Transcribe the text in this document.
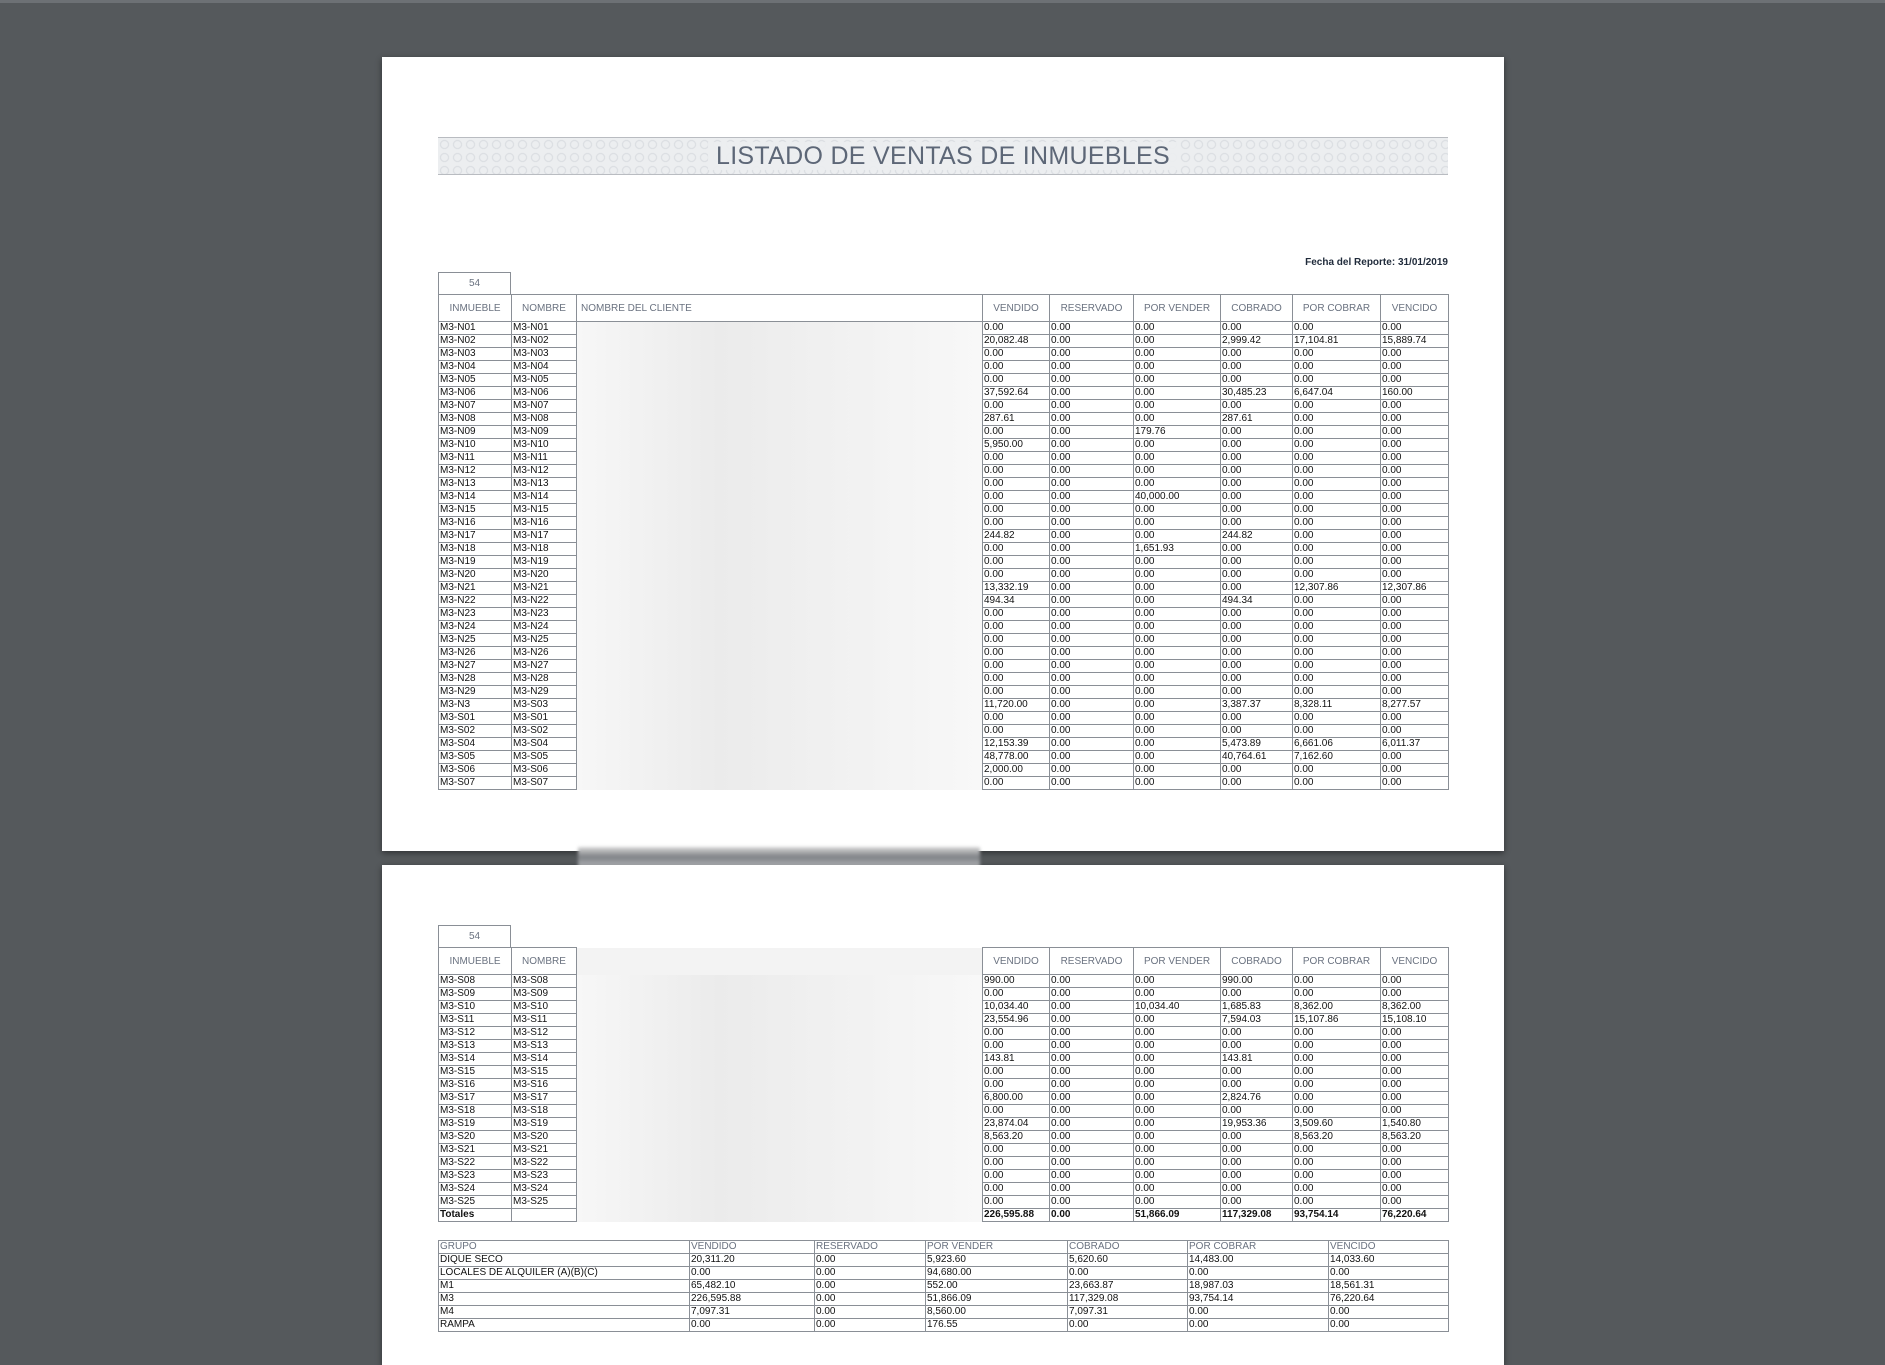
LISTADO DE VENTAS DE INMUEBLES
Fecha del Reporte: 31/01/2019
54
INMUEBLE	NOMBRE	NOMBRE DEL CLIENTE	VENDIDO	RESERVADO	POR VENDER	COBRADO	POR COBRAR	VENCIDO
M3-N01	M3-N01		0.00	0.00	0.00	0.00	0.00	0.00
M3-N02	M3-N02		20,082.48	0.00	0.00	2,999.42	17,104.81	15,889.74
M3-N03	M3-N03		0.00	0.00	0.00	0.00	0.00	0.00
M3-N04	M3-N04		0.00	0.00	0.00	0.00	0.00	0.00
M3-N05	M3-N05		0.00	0.00	0.00	0.00	0.00	0.00
M3-N06	M3-N06		37,592.64	0.00	0.00	30,485.23	6,647.04	160.00
M3-N07	M3-N07		0.00	0.00	0.00	0.00	0.00	0.00
M3-N08	M3-N08		287.61	0.00	0.00	287.61	0.00	0.00
M3-N09	M3-N09		0.00	0.00	179.76	0.00	0.00	0.00
M3-N10	M3-N10		5,950.00	0.00	0.00	0.00	0.00	0.00
M3-N11	M3-N11		0.00	0.00	0.00	0.00	0.00	0.00
M3-N12	M3-N12		0.00	0.00	0.00	0.00	0.00	0.00
M3-N13	M3-N13		0.00	0.00	0.00	0.00	0.00	0.00
M3-N14	M3-N14		0.00	0.00	40,000.00	0.00	0.00	0.00
M3-N15	M3-N15		0.00	0.00	0.00	0.00	0.00	0.00
M3-N16	M3-N16		0.00	0.00	0.00	0.00	0.00	0.00
M3-N17	M3-N17		244.82	0.00	0.00	244.82	0.00	0.00
M3-N18	M3-N18		0.00	0.00	1,651.93	0.00	0.00	0.00
M3-N19	M3-N19		0.00	0.00	0.00	0.00	0.00	0.00
M3-N20	M3-N20		0.00	0.00	0.00	0.00	0.00	0.00
M3-N21	M3-N21		13,332.19	0.00	0.00	0.00	12,307.86	12,307.86
M3-N22	M3-N22		494.34	0.00	0.00	494.34	0.00	0.00
M3-N23	M3-N23		0.00	0.00	0.00	0.00	0.00	0.00
M3-N24	M3-N24		0.00	0.00	0.00	0.00	0.00	0.00
M3-N25	M3-N25		0.00	0.00	0.00	0.00	0.00	0.00
M3-N26	M3-N26		0.00	0.00	0.00	0.00	0.00	0.00
M3-N27	M3-N27		0.00	0.00	0.00	0.00	0.00	0.00
M3-N28	M3-N28		0.00	0.00	0.00	0.00	0.00	0.00
M3-N29	M3-N29		0.00	0.00	0.00	0.00	0.00	0.00
M3-N3	M3-S03		11,720.00	0.00	0.00	3,387.37	8,328.11	8,277.57
M3-S01	M3-S01		0.00	0.00	0.00	0.00	0.00	0.00
M3-S02	M3-S02		0.00	0.00	0.00	0.00	0.00	0.00
M3-S04	M3-S04		12,153.39	0.00	0.00	5,473.89	6,661.06	6,011.37
M3-S05	M3-S05		48,778.00	0.00	0.00	40,764.61	7,162.60	0.00
M3-S06	M3-S06		2,000.00	0.00	0.00	0.00	0.00	0.00
M3-S07	M3-S07		0.00	0.00	0.00	0.00	0.00	0.00
54
INMUEBLE	NOMBRE		VENDIDO	RESERVADO	POR VENDER	COBRADO	POR COBRAR	VENCIDO
M3-S08	M3-S08		990.00	0.00	0.00	990.00	0.00	0.00
M3-S09	M3-S09		0.00	0.00	0.00	0.00	0.00	0.00
M3-S10	M3-S10		10,034.40	0.00	10,034.40	1,685.83	8,362.00	8,362.00
M3-S11	M3-S11		23,554.96	0.00	0.00	7,594.03	15,107.86	15,108.10
M3-S12	M3-S12		0.00	0.00	0.00	0.00	0.00	0.00
M3-S13	M3-S13		0.00	0.00	0.00	0.00	0.00	0.00
M3-S14	M3-S14		143.81	0.00	0.00	143.81	0.00	0.00
M3-S15	M3-S15		0.00	0.00	0.00	0.00	0.00	0.00
M3-S16	M3-S16		0.00	0.00	0.00	0.00	0.00	0.00
M3-S17	M3-S17		6,800.00	0.00	0.00	2,824.76	0.00	0.00
M3-S18	M3-S18		0.00	0.00	0.00	0.00	0.00	0.00
M3-S19	M3-S19		23,874.04	0.00	0.00	19,953.36	3,509.60	1,540.80
M3-S20	M3-S20		8,563.20	0.00	0.00	0.00	8,563.20	8,563.20
M3-S21	M3-S21		0.00	0.00	0.00	0.00	0.00	0.00
M3-S22	M3-S22		0.00	0.00	0.00	0.00	0.00	0.00
M3-S23	M3-S23		0.00	0.00	0.00	0.00	0.00	0.00
M3-S24	M3-S24		0.00	0.00	0.00	0.00	0.00	0.00
M3-S25	M3-S25		0.00	0.00	0.00	0.00	0.00	0.00
Totales			226,595.88	0.00	51,866.09	117,329.08	93,754.14	76,220.64
GRUPO	VENDIDO	RESERVADO	POR VENDER	COBRADO	POR COBRAR	VENCIDO
DIQUE SECO	20,311.20	0.00	5,923.60	5,620.60	14,483.00	14,033.60
LOCALES DE ALQUILER (A)(B)(C)	0.00	0.00	94,680.00	0.00	0.00	0.00
M1	65,482.10	0.00	552.00	23,663.87	18,987.03	18,561.31
M3	226,595.88	0.00	51,866.09	117,329.08	93,754.14	76,220.64
M4	7,097.31	0.00	8,560.00	7,097.31	0.00	0.00
RAMPA	0.00	0.00	176.55	0.00	0.00	0.00
